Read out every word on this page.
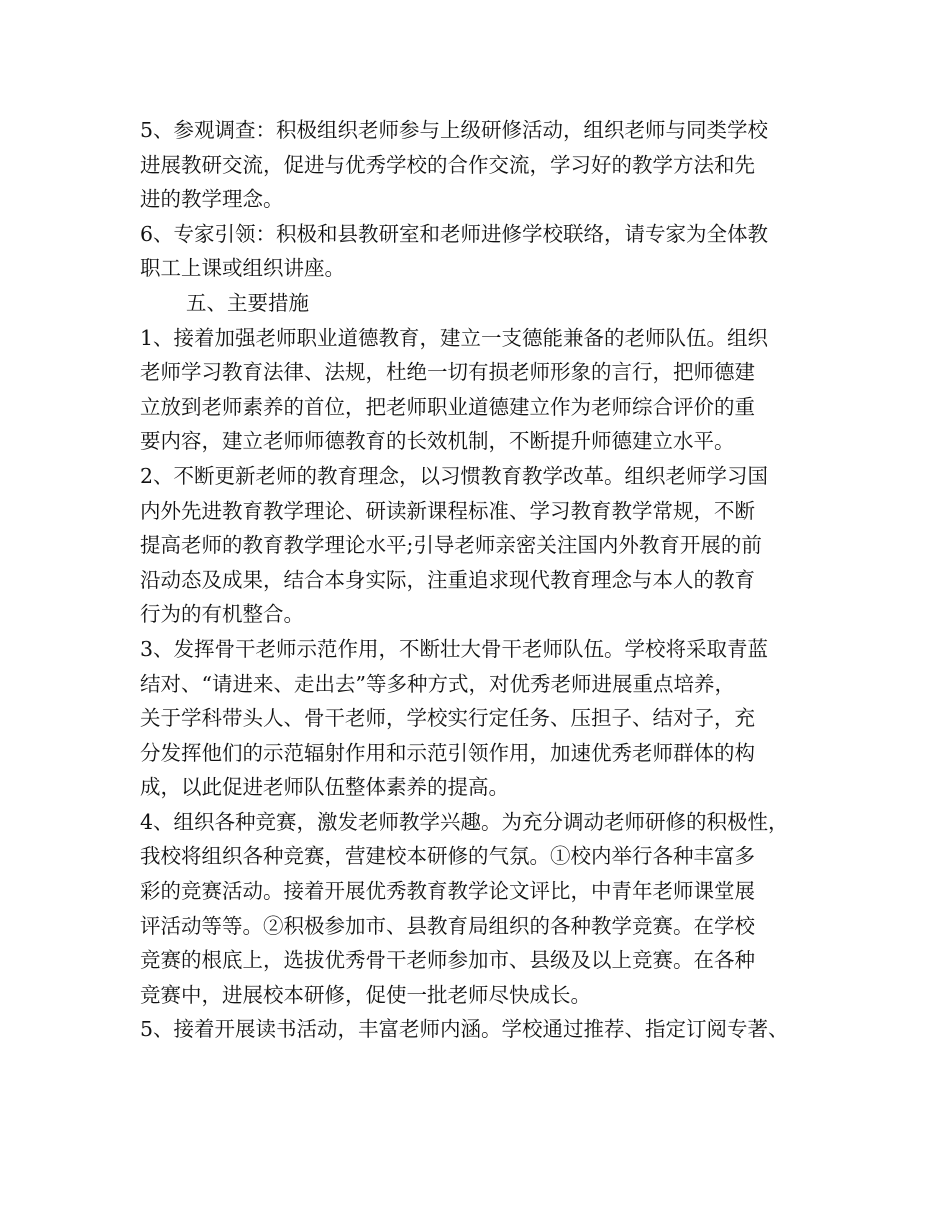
5、参观调查：积极组织老师参与上级研修活动，组织老师与同类学校
进展教研交流，促进与优秀学校的合作交流，学习好的教学方法和先
进的教学理念。
6、专家引领：积极和县教研室和老师进修学校联络，请专家为全体教
职工上课或组织讲座。
五、主要措施
1、接着加强老师职业道德教育，建立一支德能兼备的老师队伍。组织
老师学习教育法律、法规，杜绝一切有损老师形象的言行，把师德建
立放到老师素养的首位，把老师职业道德建立作为老师综合评价的重
要内容，建立老师师德教育的长效机制，不断提升师德建立水平。
2、不断更新老师的教育理念，以习惯教育教学改革。组织老师学习国
内外先进教育教学理论、研读新课程标准、学习教育教学常规，不断
提高老师的教育教学理论水平;引导老师亲密关注国内外教育开展的前
沿动态及成果，结合本身实际，注重追求现代教育理念与本人的教育
行为的有机整合。
3、发挥骨干老师示范作用，不断壮大骨干老师队伍。学校将采取青蓝
结对、“请进来、走出去”等多种方式，对优秀老师进展重点培养，
关于学科带头人、骨干老师，学校实行定任务、压担子、结对子，充
分发挥他们的示范辐射作用和示范引领作用，加速优秀老师群体的构
成，以此促进老师队伍整体素养的提高。
4、组织各种竞赛，激发老师教学兴趣。为充分调动老师研修的积极性，
我校将组织各种竞赛，营建校本研修的气氛。①校内举行各种丰富多
彩的竞赛活动。接着开展优秀教育教学论文评比，中青年老师课堂展
评活动等等。②积极参加市、县教育局组织的各种教学竞赛。在学校
竞赛的根底上，选拔优秀骨干老师参加市、县级及以上竞赛。在各种
竞赛中，进展校本研修，促使一批老师尽快成长。
5、接着开展读书活动，丰富老师内涵。学校通过推荐、指定订阅专著、
